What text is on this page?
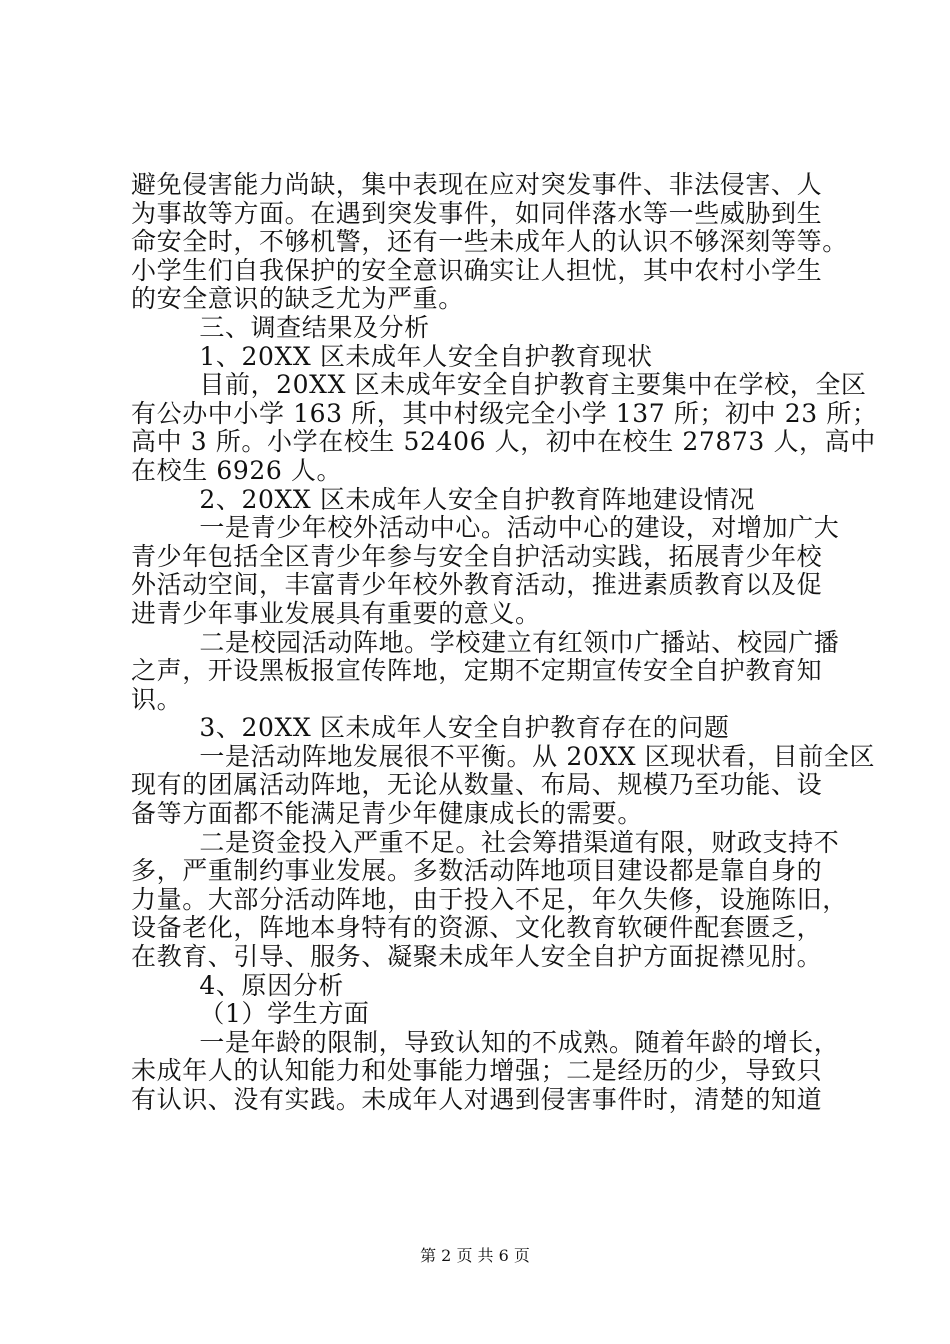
避免侵害能力尚缺，集中表现在应对突发事件、非法侵害、人
为事故等方面。在遇到突发事件，如同伴落水等一些威胁到生
命安全时，不够机警，还有一些未成年人的认识不够深刻等等。
小学生们自我保护的安全意识确实让人担忧，其中农村小学生
的安全意识的缺乏尤为严重。
三、调查结果及分析
1、20XX 区未成年人安全自护教育现状
目前，20XX 区未成年安全自护教育主要集中在学校，全区
有公办中小学 163 所，其中村级完全小学 137 所；初中 23 所；
高中 3 所。小学在校生 52406 人，初中在校生 27873 人，高中
在校生 6926 人。
2、20XX 区未成年人安全自护教育阵地建设情况
一是青少年校外活动中心。活动中心的建设，对增加广大
青少年包括全区青少年参与安全自护活动实践，拓展青少年校
外活动空间，丰富青少年校外教育活动，推进素质教育以及促
进青少年事业发展具有重要的意义。
二是校园活动阵地。学校建立有红领巾广播站、校园广播
之声，开设黑板报宣传阵地，定期不定期宣传安全自护教育知
识。
3、20XX 区未成年人安全自护教育存在的问题
一是活动阵地发展很不平衡。从 20XX 区现状看，目前全区
现有的团属活动阵地，无论从数量、布局、规模乃至功能、设
备等方面都不能满足青少年健康成长的需要。
二是资金投入严重不足。社会筹措渠道有限，财政支持不
多，严重制约事业发展。多数活动阵地项目建设都是靠自身的
力量。大部分活动阵地，由于投入不足，年久失修，设施陈旧，
设备老化，阵地本身特有的资源、文化教育软硬件配套匮乏，
在教育、引导、服务、凝聚未成年人安全自护方面捉襟见肘。
4、原因分析
（1）学生方面
一是年龄的限制，导致认知的不成熟。随着年龄的增长，
未成年人的认知能力和处事能力增强；二是经历的少，导致只
有认识、没有实践。未成年人对遇到侵害事件时，清楚的知道
第 2 页 共 6 页
